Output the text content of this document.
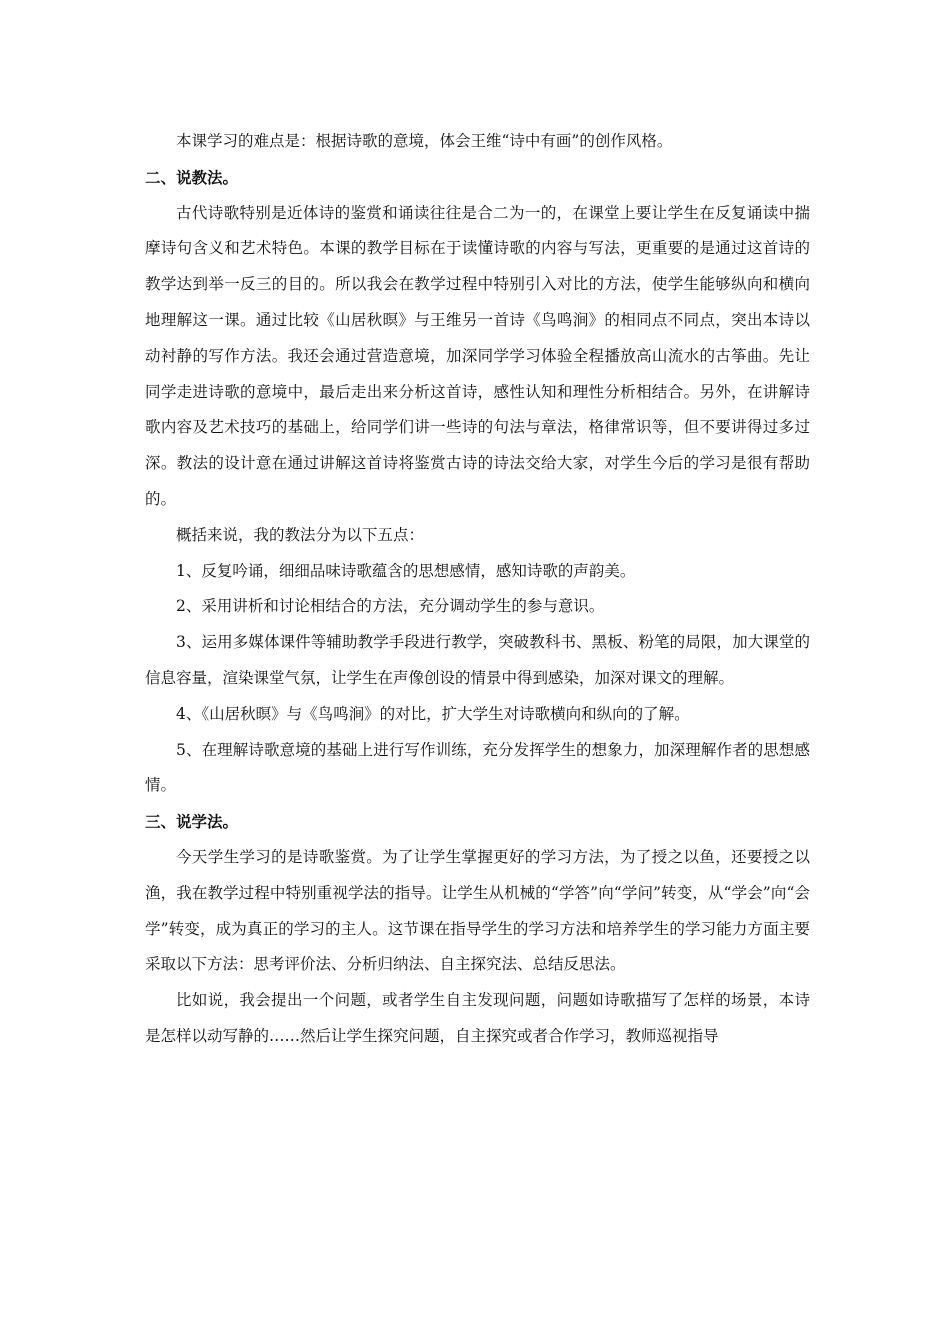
本课学习的难点是：根据诗歌的意境，体会王维“诗中有画”的创作风格。

二、说教法。

古代诗歌特别是近体诗的鉴赏和诵读往往是合二为一的，在课堂上要让学生在反复诵读中揣摩诗句含义和艺术特色。本课的教学目标在于读懂诗歌的内容与写法，更重要的是通过这首诗的教学达到举一反三的目的。所以我会在教学过程中特别引入对比的方法，使学生能够纵向和横向地理解这一课。通过比较《山居秋暝》与王维另一首诗《鸟鸣涧》的相同点不同点，突出本诗以动衬静的写作方法。我还会通过营造意境，加深同学学习体验全程播放高山流水的古筝曲。先让同学走进诗歌的意境中，最后走出来分析这首诗，感性认知和理性分析相结合。另外，在讲解诗歌内容及艺术技巧的基础上，给同学们讲一些诗的句法与章法，格律常识等，但不要讲得过多过深。教法的设计意在通过讲解这首诗将鉴赏古诗的诗法交给大家，对学生今后的学习是很有帮助的。

概括来说，我的教法分为以下五点：

1、反复吟诵，细细品味诗歌蕴含的思想感情，感知诗歌的声韵美。

2、采用讲析和讨论相结合的方法，充分调动学生的参与意识。

3、运用多媒体课件等辅助教学手段进行教学，突破教科书、黑板、粉笔的局限，加大课堂的信息容量，渲染课堂气氛，让学生在声像创设的情景中得到感染，加深对课文的理解。

4、《山居秋暝》与《鸟鸣涧》的对比，扩大学生对诗歌横向和纵向的了解。

5、在理解诗歌意境的基础上进行写作训练，充分发挥学生的想象力，加深理解作者的思想感情。

三、说学法。

今天学生学习的是诗歌鉴赏。为了让学生掌握更好的学习方法，为了授之以鱼，还要授之以渔，我在教学过程中特别重视学法的指导。让学生从机械的“学答”向“学问”转变，从“学会”向“会学”转变，成为真正的学习的主人。这节课在指导学生的学习方法和培养学生的学习能力方面主要采取以下方法：思考评价法、分析归纳法、自主探究法、总结反思法。

比如说，我会提出一个问题，或者学生自主发现问题，问题如诗歌描写了怎样的场景，本诗是怎样以动写静的……然后让学生探究问题，自主探究或者合作学习，教师巡视指导
